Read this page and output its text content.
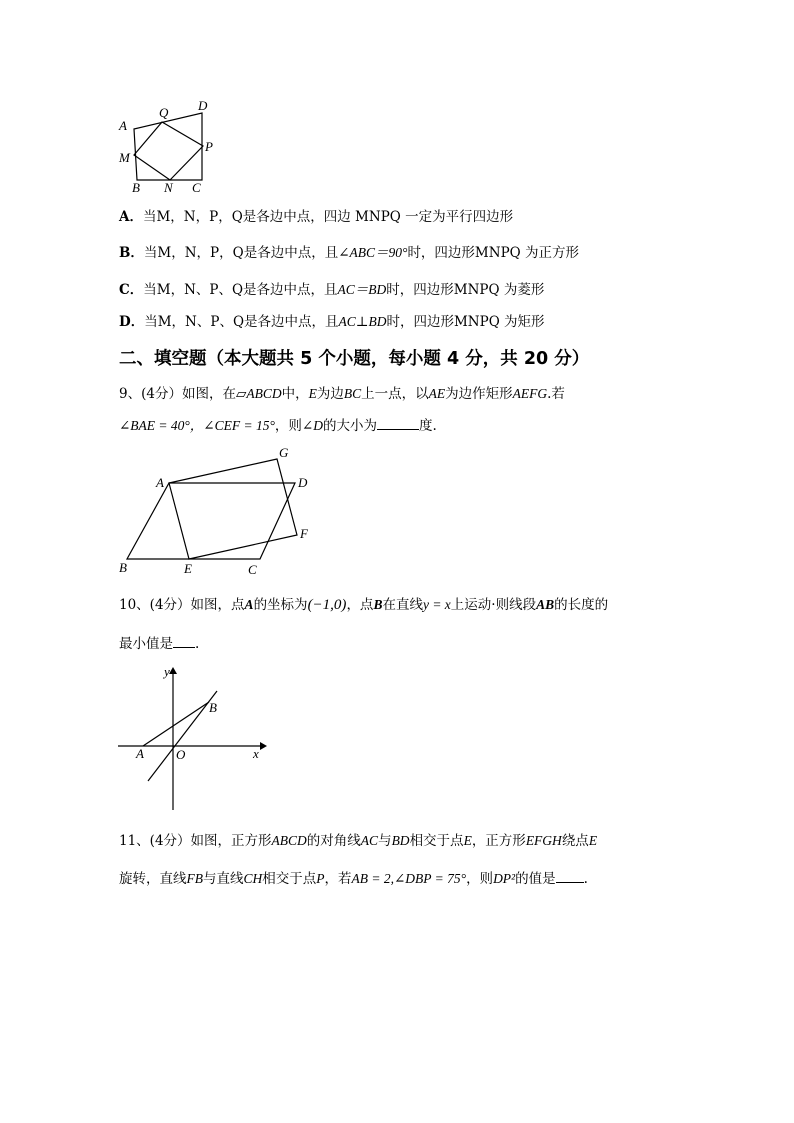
A
Q D
M
P
B N C
A．当M，N，P，Q是各边中点，四边 MNPQ 一定为平行四边形
B．当M，N，P，Q是各边中点，且∠ABC＝90°时，四边形MNPQ 为正方形
C．当M，N、P、Q是各边中点，且AC＝BD时，四边形MNPQ 为菱形
D．当M，N、P、Q是各边中点，且AC⊥BD时，四边形MNPQ 为矩形
二、填空题（本大题共 5 个小题，每小题 4 分，共 20 分）
9、(4分）如图，在▱ABCD中，E为边BC上一点，以AE为边作矩形AEFG.若
∠BAE = 40°，∠CEF = 15°，则∠D的大小为	度.
A
G
D
F
B	E	C
10、(4分）如图，点A的坐标为(−1,0)，点B在直线y = x上运动·则线段AB的长度的
最小值是 .
y
x
A O
B
11、(4分）如图，正方形ABCD的对角线AC与BD相交于点E，正方形EFGH绕点E
旋转，直线FB与直线CH相交于点P，若AB = 2,∠DBP = 75°，则DP²的值是 .
